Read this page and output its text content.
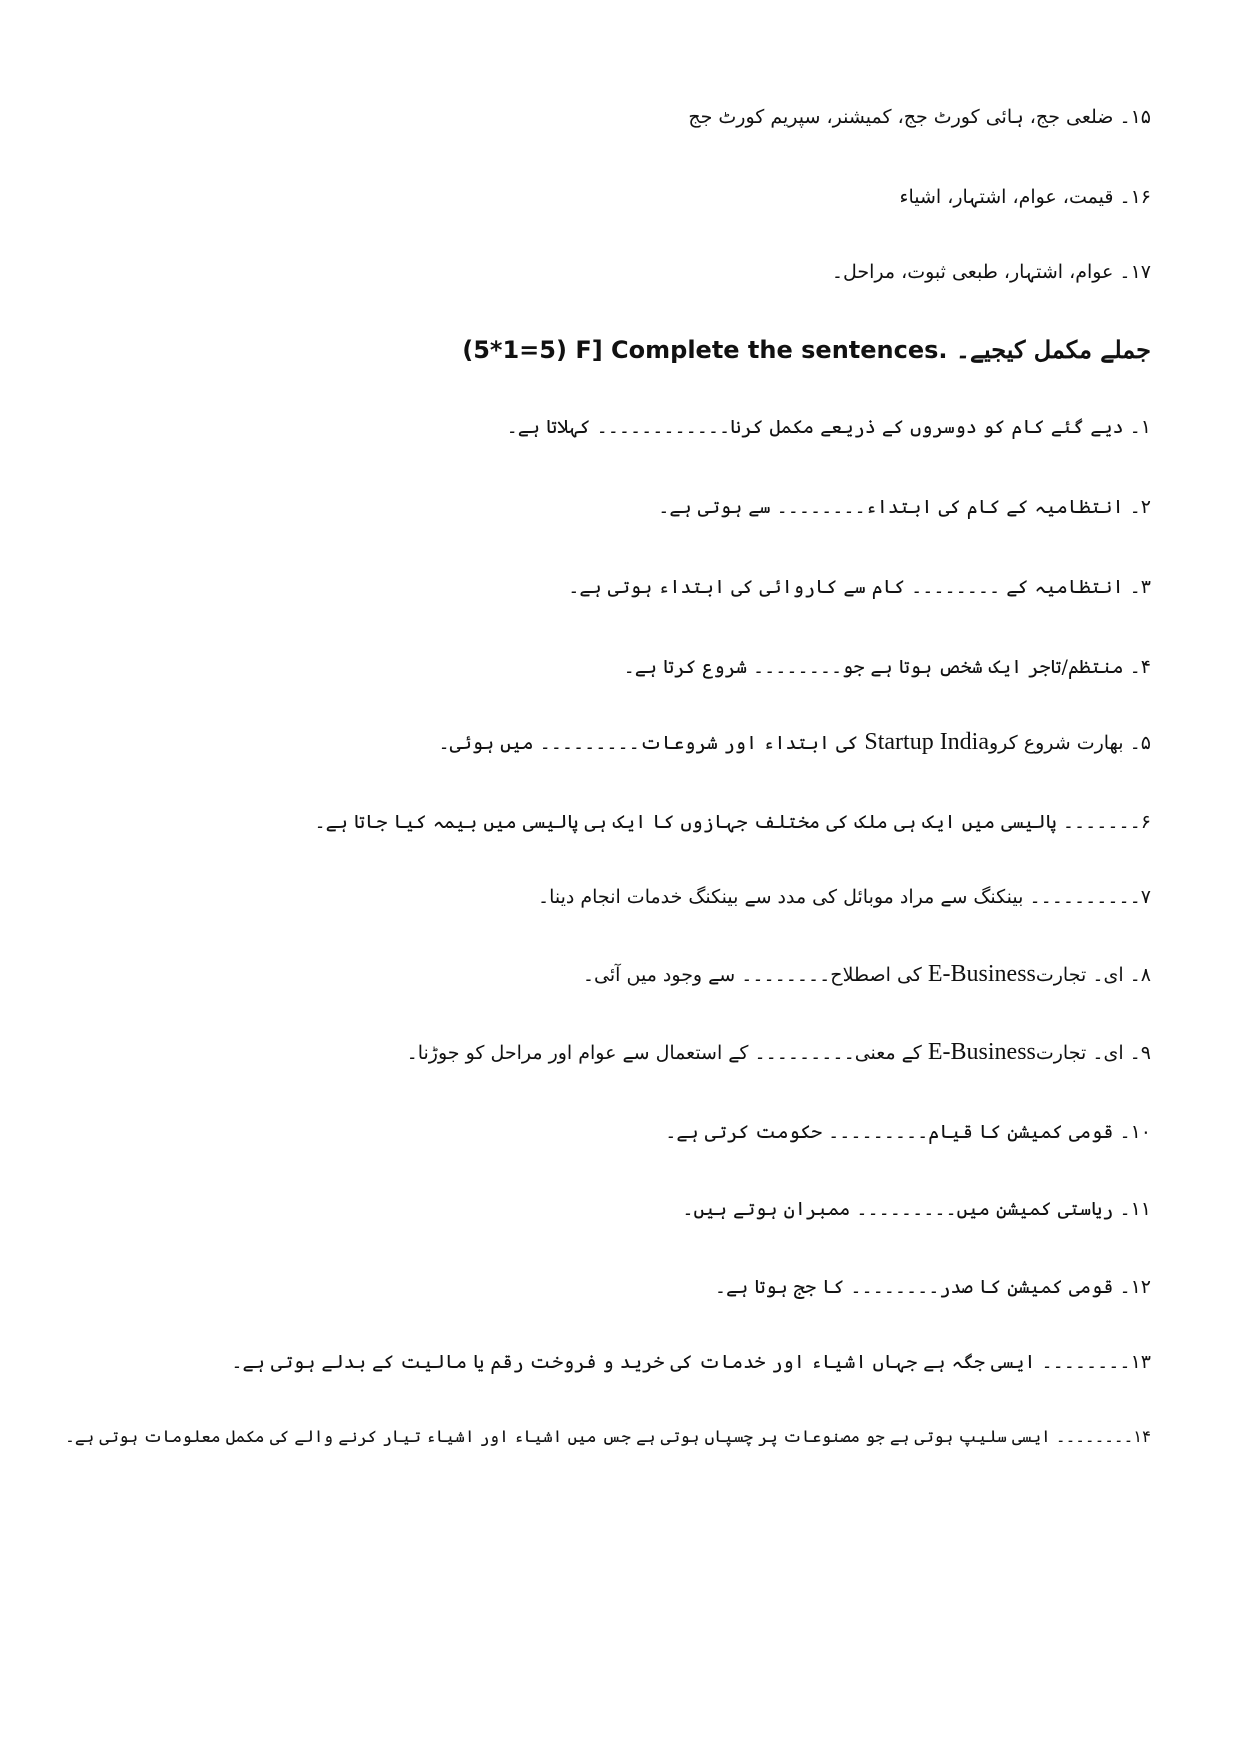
۱۵۔ ضلعی جج، ہائی کورٹ جج، کمیشنر، سپریم کورٹ جج
۱۶۔ قیمت، عوام، اشتہار، اشیاء
۱۷۔ عوام، اشتہار، طبعی ثبوت، مراحل۔
جملے مکمل کیجیے۔ (5*1=5) F] Complete the sentences.
۱۔ دیے گئے کام کو دوسروں کے ذریعے مکمل کرنا۔۔۔۔۔۔۔۔۔۔۔۔ کہلاتا ہے۔
۲۔ انتظامیہ کے کام کی ابتداء۔۔۔۔۔۔۔۔ سے ہوتی ہے۔
۳۔ انتظامیہ کے ۔۔۔۔۔۔۔۔ کام سے کاروائی کی ابتداء ہوتی ہے۔
۴۔ منتظم/تاجر ایک شخص ہوتا ہے جو۔۔۔۔۔۔۔۔ شروع کرتا ہے۔
۵۔ بھارت شروع کروStartup India کی ابتداء اور شروعات۔۔۔۔۔۔۔۔۔ میں ہوئی۔
۶۔۔۔۔۔۔۔ پالیسی میں ایک ہی ملک کی مختلف جہازوں کا ایک ہی پالیسی میں بیمہ کیا جاتا ہے۔
۷۔۔۔۔۔۔۔۔۔۔ بینکنگ سے مراد موبائل کی مدد سے بینکنگ خدمات انجام دینا۔
۸۔ ای۔ تجارتE-Business کی اصطلاح۔۔۔۔۔۔۔۔ سے وجود میں آئی۔
۹۔ ای۔ تجارتE-Business کے معنی۔۔۔۔۔۔۔۔۔ کے استعمال سے عوام اور مراحل کو جوڑنا۔
۱۰۔ قومی کمیشن کا قیام۔۔۔۔۔۔۔۔۔ حکومت کرتی ہے۔
۱۱۔ ریاستی کمیشن میں۔۔۔۔۔۔۔۔۔ ممبران ہوتے ہیں۔
۱۲۔ قومی کمیشن کا صدر۔۔۔۔۔۔۔۔ کا جج ہوتا ہے۔
۱۳۔۔۔۔۔۔۔۔ ایسی جگہ ہے جہاں اشیاء اور خدمات کی خرید و فروخت رقم یا مالیت کے بدلے ہوتی ہے۔
۱۴۔۔۔۔۔۔۔۔ ایسی سلیپ ہوتی ہے جو مصنوعات پر چسپاں ہوتی ہے جس میں اشیاء اور اشیاء تیار کرنے والے کی مکمل معلومات ہوتی ہے۔
